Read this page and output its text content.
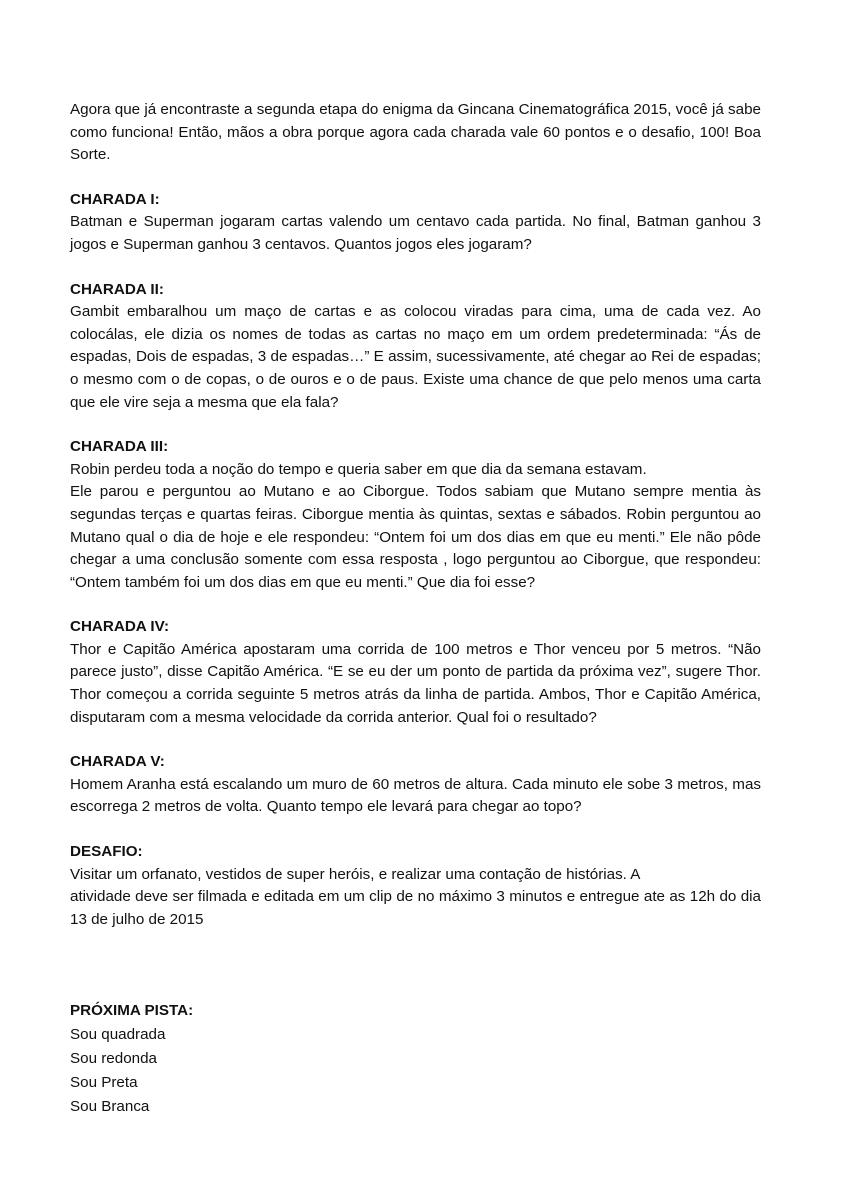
Agora que já encontraste a segunda etapa do enigma da Gincana Cinematográfica 2015, você já sabe como funciona! Então, mãos a obra porque agora cada charada vale 60 pontos e o desafio, 100! Boa Sorte.

CHARADA I:

Batman e Superman jogaram cartas valendo um centavo cada partida. No final, Batman ganhou 3 jogos e Superman ganhou 3 centavos. Quantos jogos eles jogaram?

CHARADA II:

Gambit embaralhou um maço de cartas e as colocou viradas para cima, uma de cada vez. Ao colocálas, ele dizia os nomes de todas as cartas no maço em um ordem predeterminada: “Ás de espadas, Dois de espadas, 3 de espadas…” E assim, sucessivamente, até chegar ao Rei de espadas; o mesmo com o de copas, o de ouros e o de paus. Existe uma chance de que pelo menos uma carta que ele vire seja a mesma que ela fala?

CHARADA III:

Robin perdeu toda a noção do tempo e queria saber em que dia da semana estavam.

Ele parou e perguntou ao Mutano e ao Ciborgue. Todos sabiam que Mutano sempre mentia às segundas terças e quartas feiras. Ciborgue mentia às quintas, sextas e sábados. Robin perguntou ao Mutano qual o dia de hoje e ele respondeu: “Ontem foi um dos dias em que eu menti.” Ele não pôde chegar a uma conclusão somente com essa resposta , logo perguntou ao Ciborgue, que respondeu: “Ontem também foi um dos dias em que eu menti.” Que dia foi esse?

CHARADA IV:

Thor e Capitão América apostaram uma corrida de 100 metros e Thor venceu por 5 metros. “Não parece justo”, disse Capitão América. “E se eu der um ponto de partida da próxima vez”, sugere Thor. Thor começou a corrida seguinte 5 metros atrás da linha de partida. Ambos, Thor e Capitão América, disputaram com a mesma velocidade da corrida anterior. Qual foi o resultado?

CHARADA V:

Homem Aranha está escalando um muro de 60 metros de altura. Cada minuto ele sobe 3 metros, mas escorrega 2 metros de volta. Quanto tempo ele levará para chegar ao topo?

DESAFIO:

Visitar um orfanato, vestidos de super heróis, e realizar uma contação de histórias. A

atividade deve ser filmada e editada em um clip de no máximo 3 minutos e entregue ate as 12h do dia 13 de julho de 2015

PRÓXIMA PISTA:

Sou quadrada

Sou redonda

Sou Preta

Sou Branca
